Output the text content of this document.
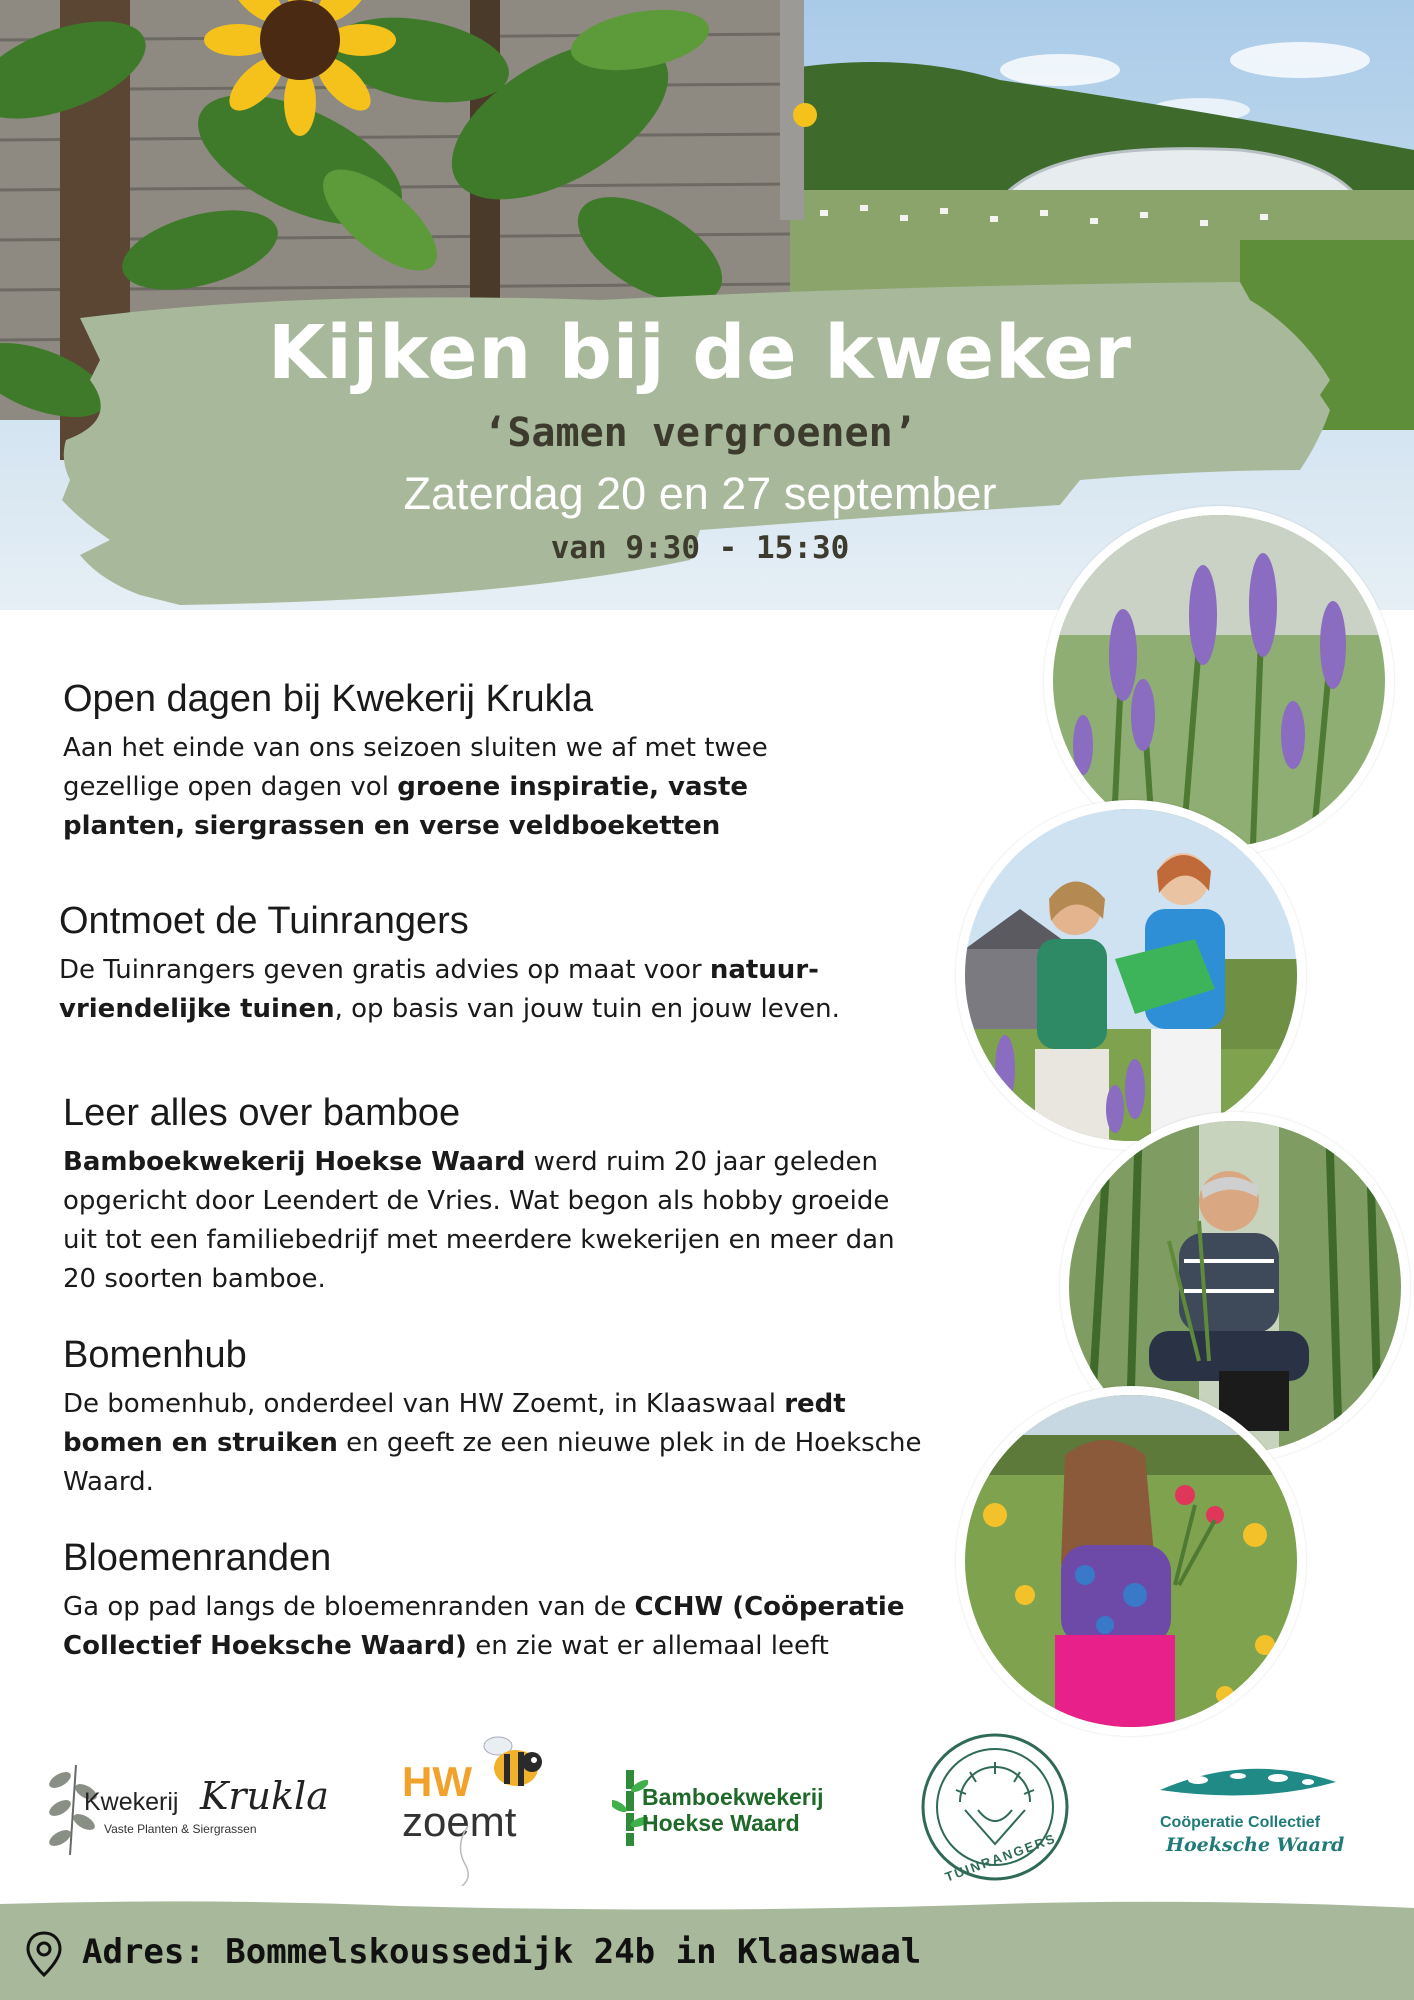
Kijken bij de kweker
‘Samen vergroenen’
Zaterdag 20 en 27 september
van 9:30 - 15:30
Open dagen bij Kwekerij Krukla

Aan het einde van ons seizoen sluiten we af met twee gezellige open dagen vol groene inspiratie, vaste planten, siergrassen en verse veldboeketten

Ontmoet de Tuinrangers

De Tuinrangers geven gratis advies op maat voor natuur-vriendelijke tuinen, op basis van jouw tuin en jouw leven.

Leer alles over bamboe

Bamboekwekerij Hoekse Waard werd ruim 20 jaar geleden opgericht door Leendert de Vries. Wat begon als hobby groeide uit tot een familiebedrijf met meerdere kwekerijen en meer dan 20 soorten bamboe.

Bomenhub

De bomenhub, onderdeel van HW Zoemt, in Klaaswaal redt bomen en struiken en geeft ze een nieuwe plek in de Hoeksche Waard.

Bloemenranden

Ga op pad langs de bloemenranden van de CCHW (Coöperatie Collectief Hoeksche Waard) en zie wat er allemaal leeft

Kwekerij Krukla
Vaste Planten & Siergrassen
HW
zoemt
Bamboekwekerij
Hoekse Waard
TUINRANGERS
Coöperatie Collectief
Hoeksche Waard
Adres: Bommelskoussedijk 24b in Klaaswaal
